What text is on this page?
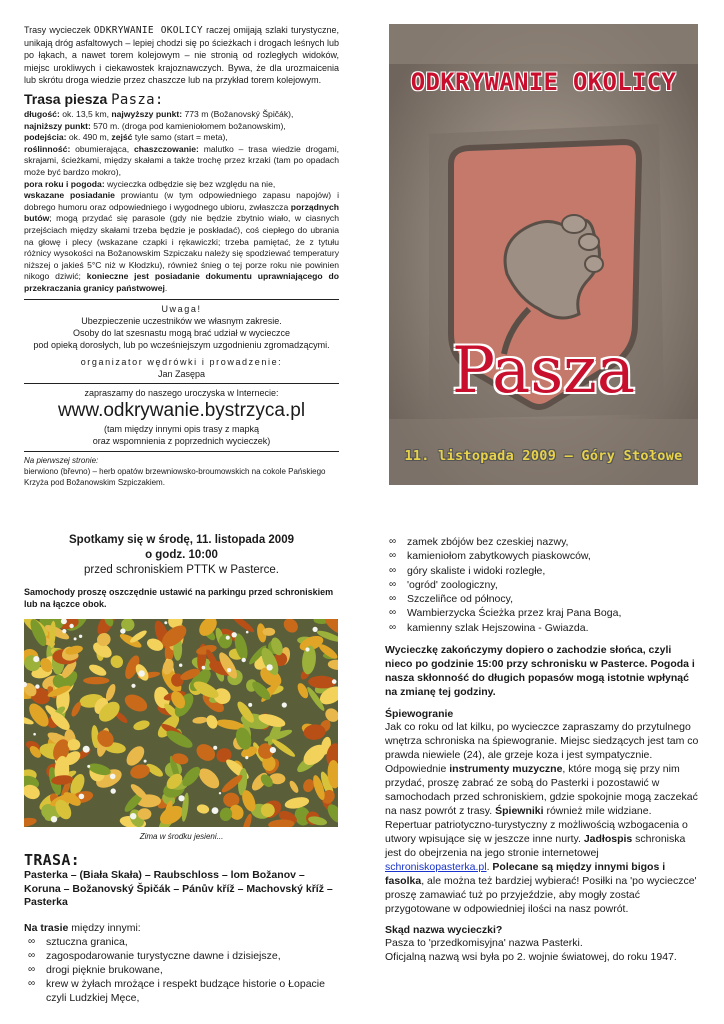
Trasy wycieczek ODKRYWANIE OKOLICY raczej omijają szlaki turystyczne, unikają dróg asfaltowych – lepiej chodzi się po ścieżkach i drogach leśnych lub po łąkach, a nawet torem kolejowym – nie stronią od rozległych widoków, miejsc urokliwych i ciekawostek krajoznawczych. Bywa, że dla urozmaicenia lub skrótu droga wiedzie przez chaszcze lub na przykład torem kolejowym.

Trasa piesza Pasza:
długość: ok. 13,5 km, najwyższy punkt: 773 m (Božanovský Špičák),
najniższy punkt: 570 m. (droga pod kamieniołomem božanowskim),
podejścia: ok. 490 m, zejść tyle samo (start = meta),
roślinność: obumierająca, chaszczowanie: malutko – trasa wiedzie drogami, skrajami, ścieżkami, między skałami a także trochę przez krzaki (tam po opadach może być bardzo mokro),
pora roku i pogoda: wycieczka odbędzie się bez względu na nie,
wskazane posiadanie prowiantu (w tym odpowiedniego zapasu napojów) i dobrego humoru oraz odpowiedniego i wygodnego ubioru, zwłaszcza porządnych butów; mogą przydać się parasole (gdy nie będzie zbytnio wiało, w ciasnych przejściach między skałami trzeba będzie je poskładać), coś ciepłego do ubrania na głowę i plecy (wskazane czapki i rękawiczki; trzeba pamiętać, że z tytułu różnicy wysokości na Božanowskim Szpiczaku należy się spodziewać temperatury niższej o jakieś 5°C niż w Kłodzku), również śnieg o tej porze roku nie powinien nikogo dziwić; konieczne jest posiadanie dokumentu uprawniającego do przekraczania granicy państwowej.
Uwaga!
Ubezpieczenie uczestników we własnym zakresie.
Osoby do lat szesnastu mogą brać udział w wycieczce
pod opieką dorosłych, lub po wcześniejszym uzgodnieniu zgromadzącymi.
organizator wędrówki i prowadzenie:
Jan Zasępa
zapraszamy do naszego uroczyska w Internecie:
www.odkrywanie.bystrzyca.pl
(tam między innymi opis trasy z mapką
oraz wspomnienia z poprzednich wycieczek)
Na pierwszej stronie:
bierwiono (břevno) – herb opatów brzewniowsko-broumowskich na cokole Pańskiego Krzyża pod Božanowskim Szpiczakiem.
ODKRYWANIE OKOLICY
Pasza
11. listopada 2009 – Góry Stołowe
Spotkamy się w środę, 11. listopada 2009
o godz. 10:00
przed schroniskiem PTTK w Pasterce.

Samochody proszę oszczędnie ustawić na parkingu przed schroniskiem lub na łączce obok.

Zima w środku jesieni...
TRASA:

Pasterka – (Biała Skała) – Raubschloss – lom Božanov – Koruna – Božanovský Špičák – Pánův kříž – Machovský kříž – Pasterka

Na trasie między innymi:

∞ sztuczna granica,
∞ zagospodarowanie turystyczne dawne i dzisiejsze,
∞ drogi pięknie brukowane,
∞ krew w żyłach mrożące i respekt budzące historie o Łopacie czyli Ludzkiej Męce,
∞ zamek zbójów bez czeskiej nazwy,
∞ kamieniołom zabytkowych piaskowców,
∞ góry skaliste i widoki rozległe,
∞ 'ogród' zoologiczny,
∞ Szczeliñce od północy,
∞ Wambierzycka Ścieżka przez kraj Pana Boga,
∞ kamienny szlak Hejszowina - Gwiazda.

Wycieczkę zakończymy dopiero o zachodzie słońca, czyli nieco po godzinie 15:00 przy schronisku w Pasterce. Pogoda i nasza skłonność do długich popasów mogą istotnie wpłynąć na zmianę tej godziny.

Śpiewogranie
Jak co roku od lat kilku, po wycieczce zapraszamy do przytulnego wnętrza schroniska na śpiewogranie. Miejsc siedzących jest tam co prawda niewiele (24), ale grzeje koza i jest sympatycznie. Odpowiednie instrumenty muzyczne, które mogą się przy nim przydać, proszę zabrać ze sobą do Pasterki i pozostawić w samochodach przed schroniskiem, gdzie spokojnie mogą zaczekać na nasz powrót z trasy. Śpiewniki również mile widziane. Repertuar patriotyczno-turystyczny z możliwością wzbogacenia o utwory wpisujące się w jeszcze inne nurty. Jadłospis schroniska jest do obejrzenia na jego stronie internetowej schroniskopasterka.pl. Polecane są między innymi bigos i fasolka, ale można też bardziej wybierać! Posiłki na 'po wycieczce' proszę zamawiać tuż po przyjeździe, aby mogły zostać przygotowane w odpowiedniej ilości na nasz powrót.
Skąd nazwa wycieczki?
Pasza to 'przedkomisyjna' nazwa Pasterki.
Oficjalną nazwą wsi była po 2. wojnie światowej, do roku 1947.
